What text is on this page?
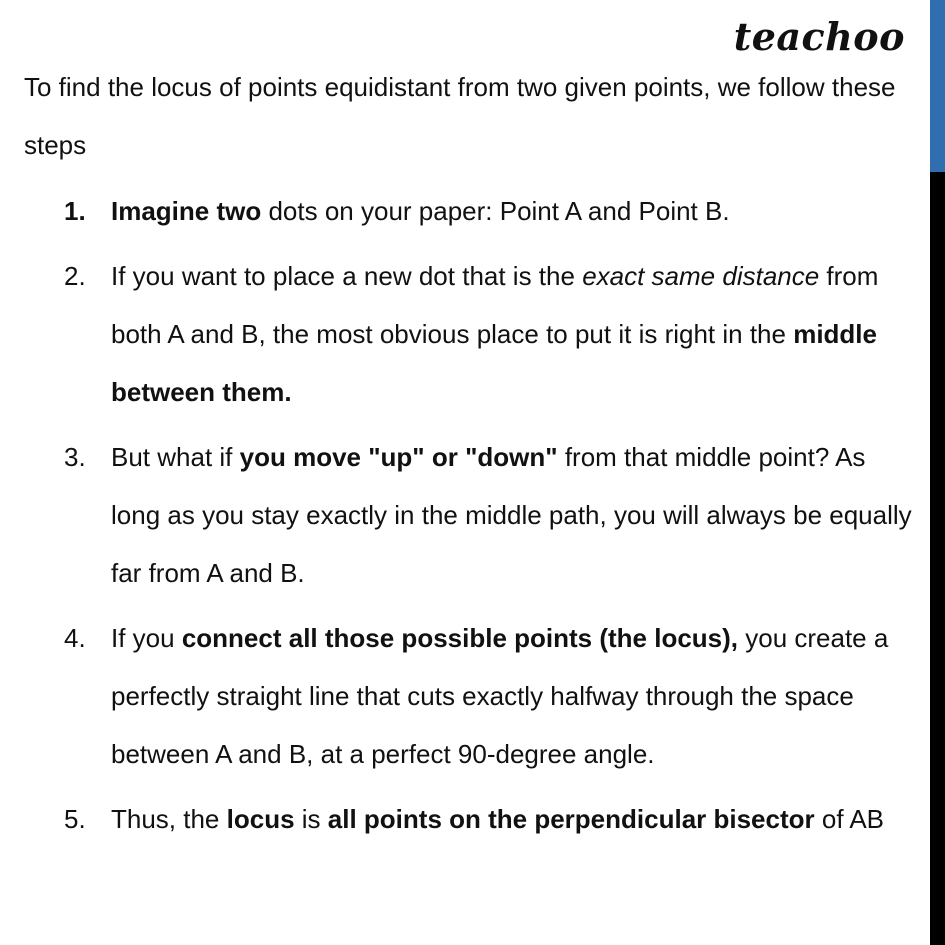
teachoo

To find the locus of points equidistant from two given points, we follow these steps

1. Imagine two dots on your paper: Point A and Point B.
2. If you want to place a new dot that is the exact same distance from both A and B, the most obvious place to put it is right in the middle between them.
3. But what if you move "up" or "down" from that middle point? As long as you stay exactly in the middle path, you will always be equally far from A and B.
4. If you connect all those possible points (the locus), you create a perfectly straight line that cuts exactly halfway through the space between A and B, at a perfect 90-degree angle.
5. Thus, the locus is all points on the perpendicular bisector of AB
